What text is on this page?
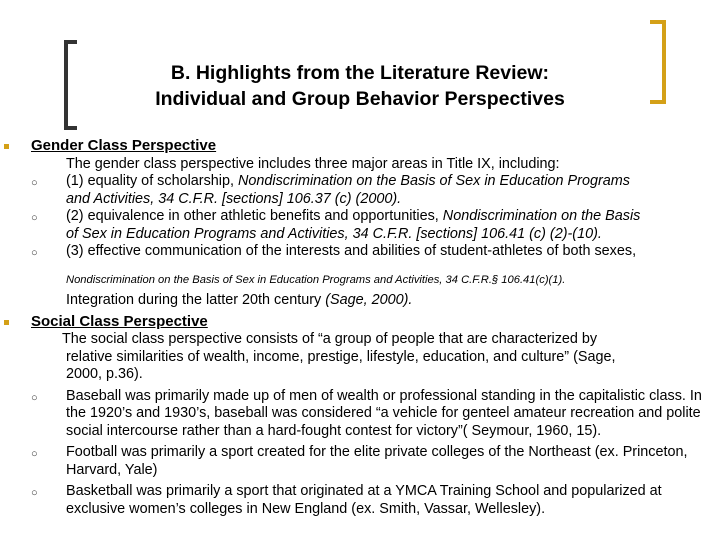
B. Highlights from the Literature Review:
Individual and Group Behavior Perspectives
Gender Class Perspective
The gender class perspective includes three major areas in Title IX, including:
○ (1) equality of scholarship, Nondiscrimination on the Basis of Sex in Education Programs
and Activities, 34 C.F.R. [sections] 106.37 (c) (2000).
○ (2) equivalence in other athletic benefits and opportunities, Nondiscrimination on the Basis
of Sex in Education Programs and Activities, 34 C.F.R. [sections] 106.41 (c) (2)-(10).
○ (3) effective communication of the interests and abilities of student-athletes of both sexes,
Nondiscrimination on the Basis of Sex in Education Programs and Activities, 34 C.F.R.§ 106.41(c)(1).
Integration during the latter 20th century (Sage, 2000).
Social Class Perspective
The social class perspective consists of “a group of people that are characterized by
relative similarities of wealth, income, prestige, lifestyle, education, and culture” (Sage,
2000, p.36).
○ Baseball was primarily made up of men of wealth or professional standing in the capitalistic class. In the 1920’s and 1930’s, baseball was considered “a vehicle for genteel amateur recreation and polite social intercourse rather than a hard-fought contest for victory”( Seymour, 1960, 15).
○ Football was primarily a sport created for the elite private colleges of the Northeast (ex. Princeton, Harvard, Yale)
○ Basketball was primarily a sport that originated at a YMCA Training School and popularized at exclusive women’s colleges in New England (ex. Smith, Vassar, Wellesley).
